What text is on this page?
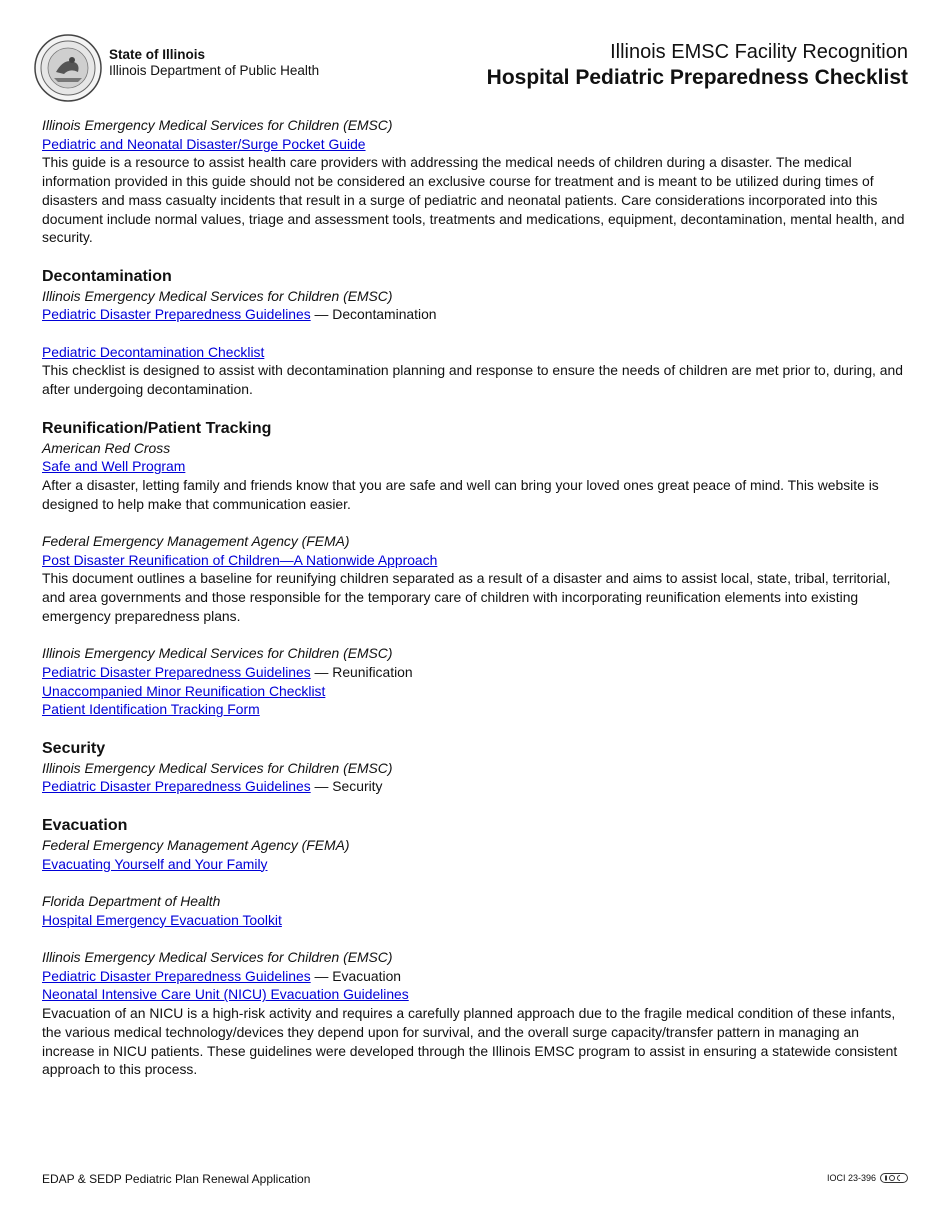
State of Illinois
Illinois Department of Public Health
Illinois EMSC Facility Recognition
Hospital Pediatric Preparedness Checklist
Illinois Emergency Medical Services for Children (EMSC)
Pediatric and Neonatal Disaster/Surge Pocket Guide

This guide is a resource to assist health care providers with addressing the medical needs of children during a disaster. The medical information provided in this guide should not be considered an exclusive course for treatment and is meant to be utilized during times of disasters and mass casualty incidents that result in a surge of pediatric and neonatal patients. Care considerations incorporated into this document include normal values, triage and assessment tools, treatments and medications, equipment, decontamination, mental health, and security.

Decontamination
Illinois Emergency Medical Services for Children (EMSC)
Pediatric Disaster Preparedness Guidelines — Decontamination
Pediatric Decontamination Checklist

This checklist is designed to assist with decontamination planning and response to ensure the needs of children are met prior to, during, and after undergoing decontamination.

Reunification/Patient Tracking
American Red Cross
Safe and Well Program

After a disaster, letting family and friends know that you are safe and well can bring your loved ones great peace of mind. This website is designed to help make that communication easier.

Federal Emergency Management Agency (FEMA)
Post Disaster Reunification of Children—A Nationwide Approach

This document outlines a baseline for reunifying children separated as a result of a disaster and aims to assist local, state, tribal, territorial, and area governments and those responsible for the temporary care of children with incorporating reunification elements into existing emergency preparedness plans.

Illinois Emergency Medical Services for Children (EMSC)
Pediatric Disaster Preparedness Guidelines — Reunification
Unaccompanied Minor Reunification Checklist
Patient Identification Tracking Form
Security
Illinois Emergency Medical Services for Children (EMSC)
Pediatric Disaster Preparedness Guidelines — Security
Evacuation
Federal Emergency Management Agency (FEMA)
Evacuating Yourself and Your Family
Florida Department of Health
Hospital Emergency Evacuation Toolkit
Illinois Emergency Medical Services for Children (EMSC)
Pediatric Disaster Preparedness Guidelines — Evacuation
Neonatal Intensive Care Unit (NICU) Evacuation Guidelines

Evacuation of an NICU is a high-risk activity and requires a carefully planned approach due to the fragile medical condition of these infants, the various medical technology/devices they depend upon for survival, and the overall surge capacity/transfer pattern in managing an increase in NICU patients. These guidelines were developed through the Illinois EMSC program to assist in ensuring a statewide consistent approach to this process.

EDAP & SEDP Pediatric Plan Renewal Application	IOCI 23-396
